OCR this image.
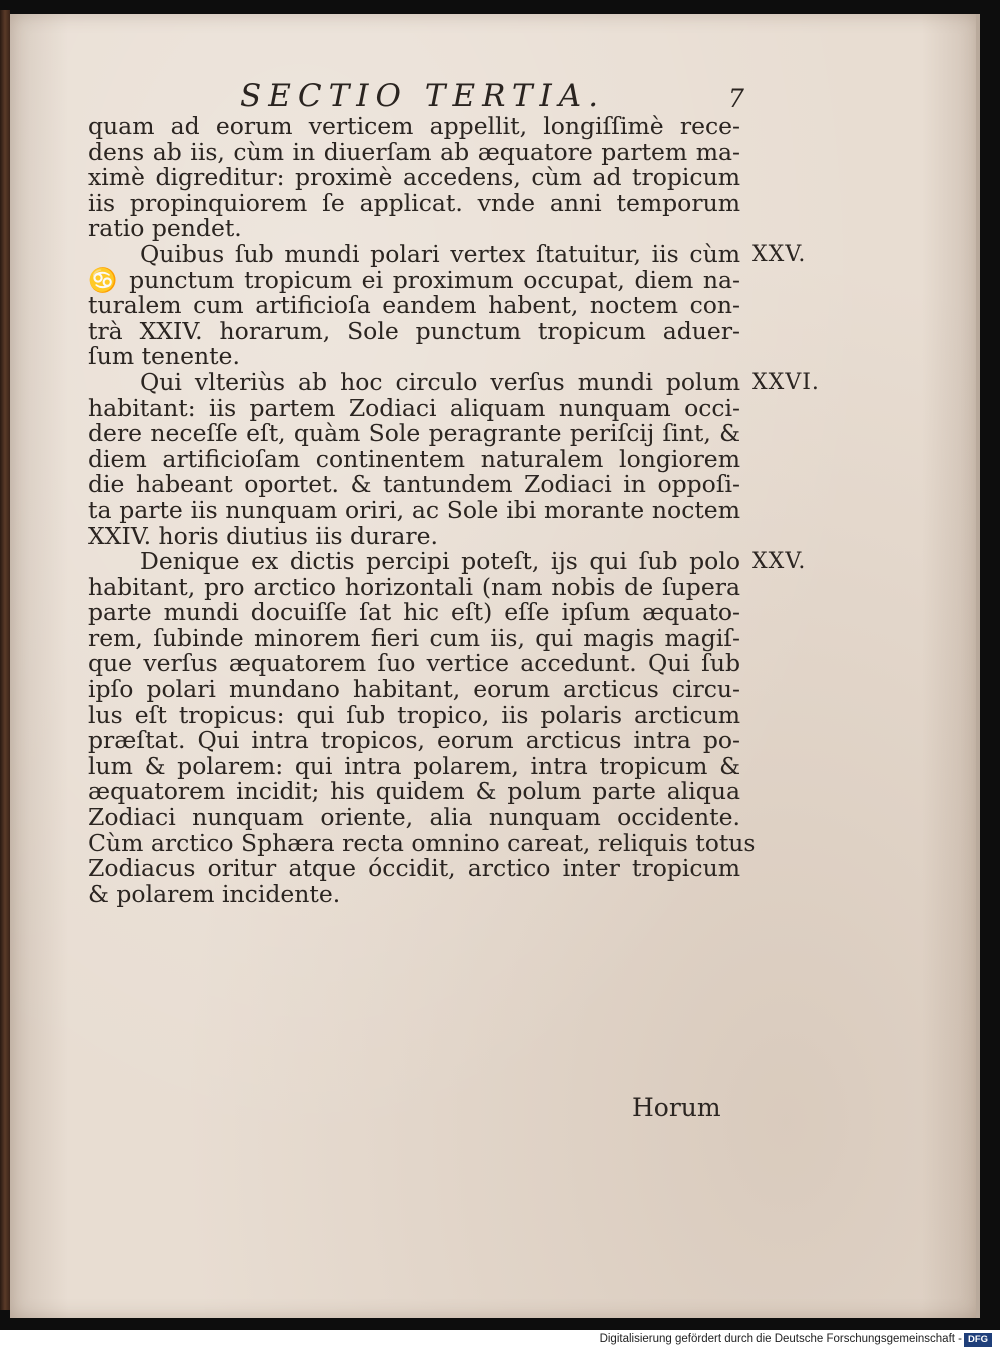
SECTIO TERTIA.	7
quam ad eorum verticem appellit, longiſſimè rece-
dens ab iis, cùm in diuerſam ab æquatore partem ma-
ximè digreditur: proximè accedens, cùm ad tropicum
iis propinquiorem ſe applicat. vnde anni temporum
ratio pendet.
Quibus ſub mundi polari vertex ſtatuitur, iis cùm
♋ punctum tropicum ei proximum occupat, diem na-
turalem cum artificioſa eandem habent, noctem con-
trà XXIV. horarum, Sole punctum tropicum aduer-
ſum tenente.
XXV.
Qui vlteriùs ab hoc circulo verſus mundi polum
habitant: iis partem Zodiaci aliquam nunquam occi-
dere neceſſe eſt, quàm Sole peragrante periſcij ſint, &
diem artificioſam continentem naturalem longiorem
die habeant oportet. & tantundem Zodiaci in oppoſi-
ta parte iis nunquam oriri, ac Sole ibi morante noctem
XXIV. horis diutius iis durare.
XXVI.
Denique ex dictis percipi poteſt, ijs qui ſub polo
habitant, pro arctico horizontali (nam nobis de ſupera
parte mundi docuiſſe ſat hic eſt) eſſe ipſum æquato-
rem, ſubinde minorem fieri cum iis, qui magis magiſ-
que verſus æquatorem ſuo vertice accedunt. Qui ſub
ipſo polari mundano habitant, eorum arcticus circu-
lus eſt tropicus: qui ſub tropico, iis polaris arcticum
præſtat. Qui intra tropicos, eorum arcticus intra po-
lum & polarem: qui intra polarem, intra tropicum &
æquatorem incidit; his quidem & polum parte aliqua
Zodiaci nunquam oriente, alia nunquam occidente.
Cùm arctico Sphæra recta omnino careat, reliquis totus
Zodiacus oritur atque óccidit, arctico inter tropicum
& polarem incidente.
XXV.
Horum
Digitalisierung gefördert durch die Deutsche Forschungsgemeinschaft - DFG
